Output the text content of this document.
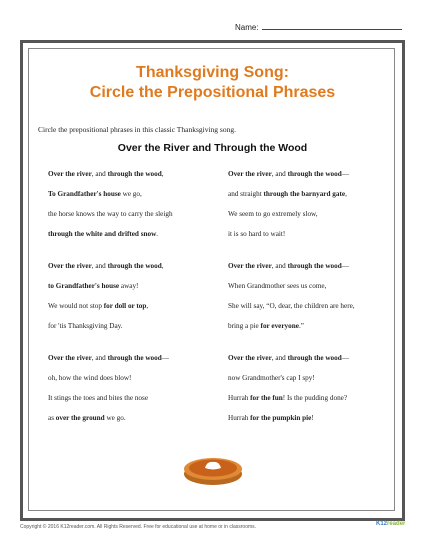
Name:
Thanksgiving Song:
Circle the Prepositional Phrases
Circle the prepositional phrases in this classic Thanksgiving song.
Over the River and Through the Wood
Over the river, and through the wood,
To Grandfather's house we go,
the horse knows the way to carry the sleigh
through the white and drifted snow.
Over the river, and through the wood—
and straight through the barnyard gate,
We seem to go extremely slow,
it is so hard to wait!
Over the river, and through the wood,
to Grandfather's house away!
We would not stop for doll or top,
for 'tis Thanksgiving Day.
Over the river, and through the wood—
When Grandmother sees us come,
She will say, “O, dear, the children are here,
bring a pie for everyone.”
Over the river, and through the wood—
oh, how the wind does blow!
It stings the toes and bites the nose
as over the ground we go.
Over the river, and through the wood—
now Grandmother's cap I spy!
Hurrah for the fun! Is the pudding done?
Hurrah for the pumpkin pie!
Copyright © 2016 K12reader.com. All Rights Reserved. Free for educational use at home or in classrooms.	K12reader
